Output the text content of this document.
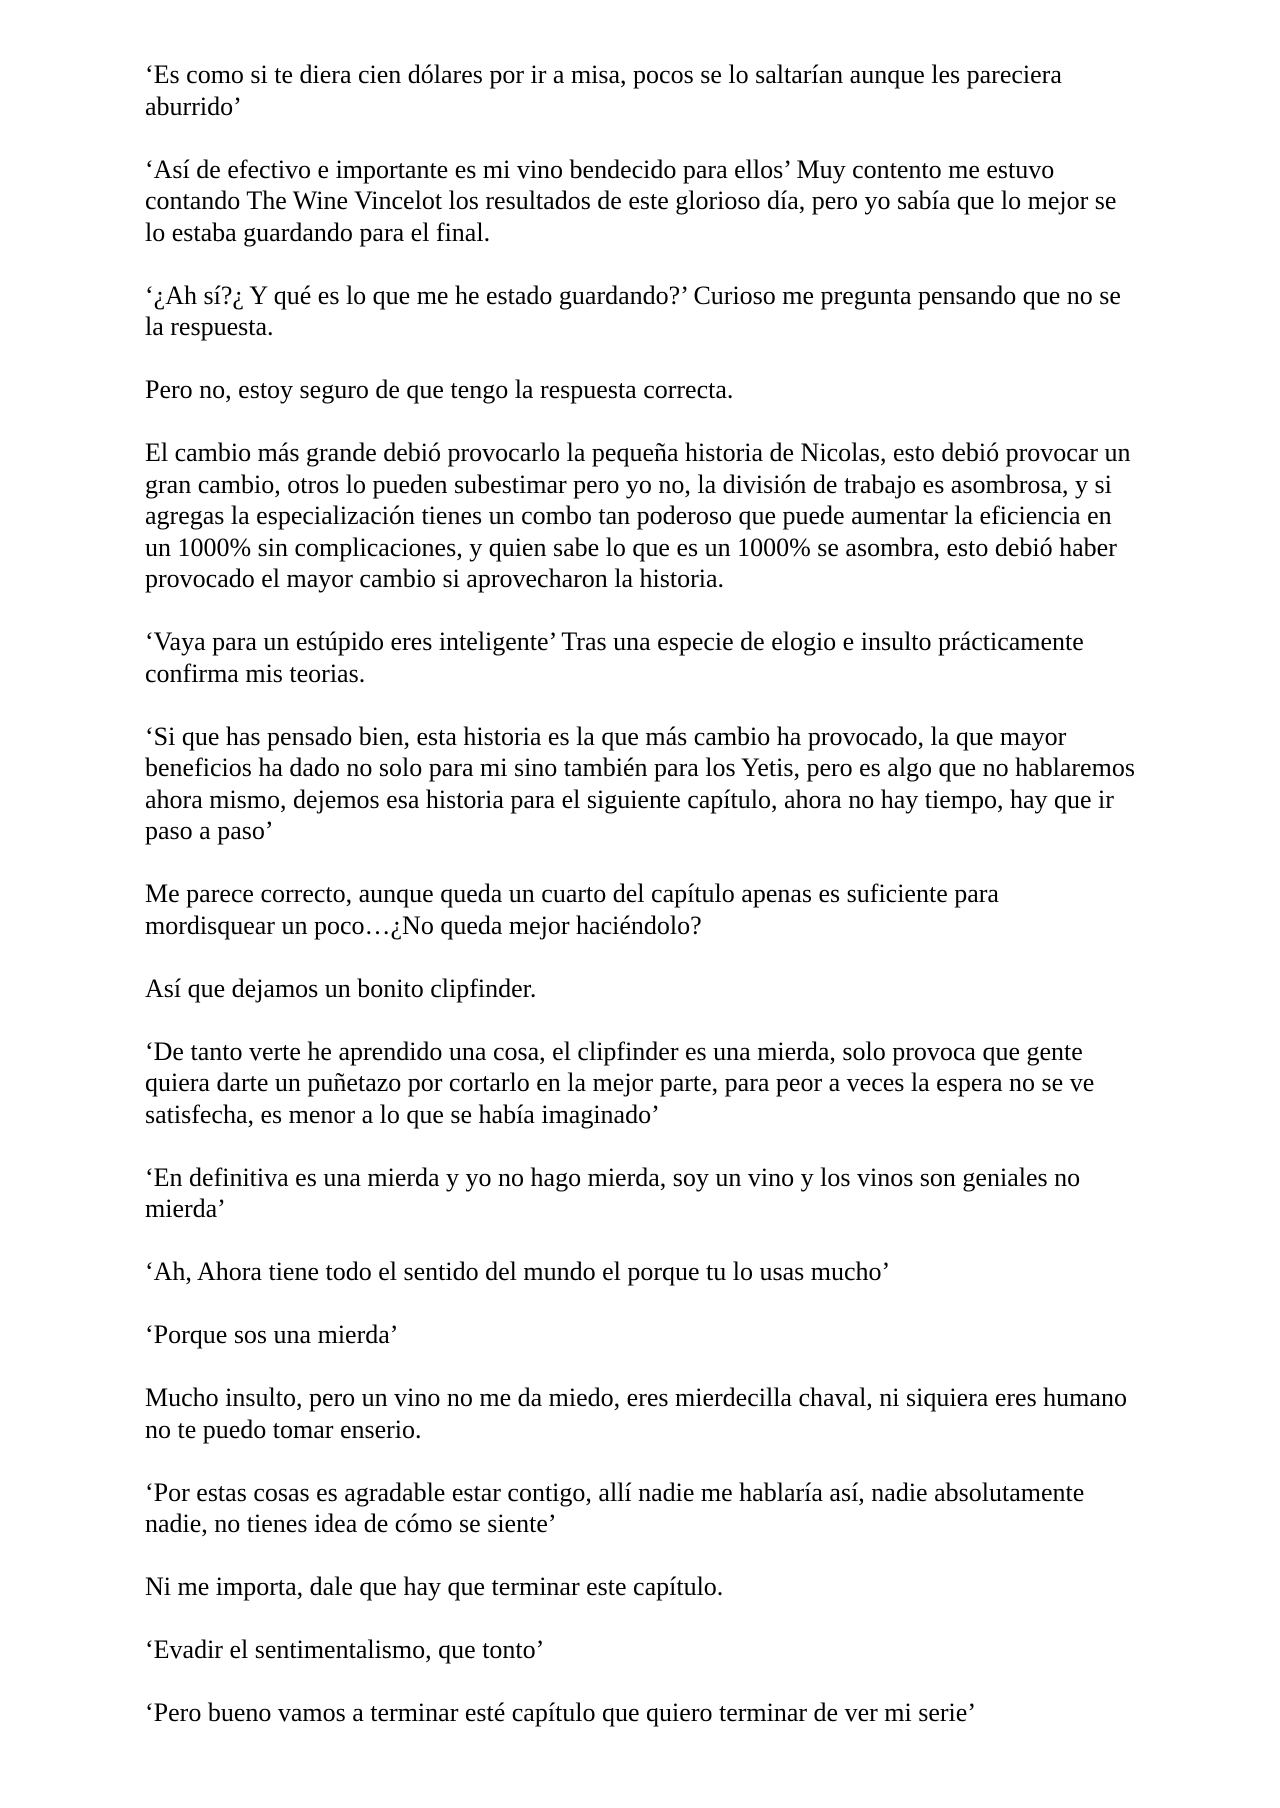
‘Es como si te diera cien dólares por ir a misa, pocos se lo saltarían aunque les pareciera aburrido’

‘Así de efectivo e importante es mi vino bendecido para ellos’ Muy contento me estuvo contando The Wine Vincelot los resultados de este glorioso día, pero yo sabía que lo mejor se lo estaba guardando para el final.

‘¿Ah sí?¿ Y qué es lo que me he estado guardando?’ Curioso me pregunta pensando que no se la respuesta.

Pero no, estoy seguro de que tengo la respuesta correcta.

El cambio más grande debió provocarlo la pequeña historia de Nicolas, esto debió provocar un gran cambio, otros lo pueden subestimar pero yo no, la división de trabajo es asombrosa, y si agregas la especialización tienes un combo tan poderoso que puede aumentar la eficiencia en un 1000% sin complicaciones, y quien sabe lo que es un 1000% se asombra, esto debió haber provocado el mayor cambio si aprovecharon la historia.

‘Vaya para un estúpido eres inteligente’ Tras una especie de elogio e insulto prácticamente confirma mis teorias.

‘Si que has pensado bien, esta historia es la que más cambio ha provocado, la que mayor beneficios ha dado no solo para mi sino también para los Yetis, pero es algo que no hablaremos ahora mismo, dejemos esa historia para el siguiente capítulo, ahora no hay tiempo, hay que ir paso a paso’

Me parece correcto, aunque queda un cuarto del capítulo apenas es suficiente para mordisquear un poco…¿No queda mejor haciéndolo?

Así que dejamos un bonito clipfinder.

‘De tanto verte he aprendido una cosa, el clipfinder es una mierda, solo provoca que gente quiera darte un puñetazo por cortarlo en la mejor parte, para peor a veces la espera no se ve satisfecha, es menor a lo que se había imaginado’

‘En definitiva es una mierda y yo no hago mierda, soy un vino y los vinos son geniales no mierda’

‘Ah, Ahora tiene todo el sentido del mundo el porque tu lo usas mucho’

‘Porque sos una mierda’

Mucho insulto, pero un vino no me da miedo, eres mierdecilla chaval, ni siquiera eres humano no te puedo tomar enserio.

‘Por estas cosas es agradable estar contigo, allí nadie me hablaría así, nadie absolutamente nadie, no tienes idea de cómo se siente’

Ni me importa, dale que hay que terminar este capítulo.

‘Evadir el sentimentalismo, que tonto’

‘Pero bueno vamos a terminar esté capítulo que quiero terminar de ver mi serie’
